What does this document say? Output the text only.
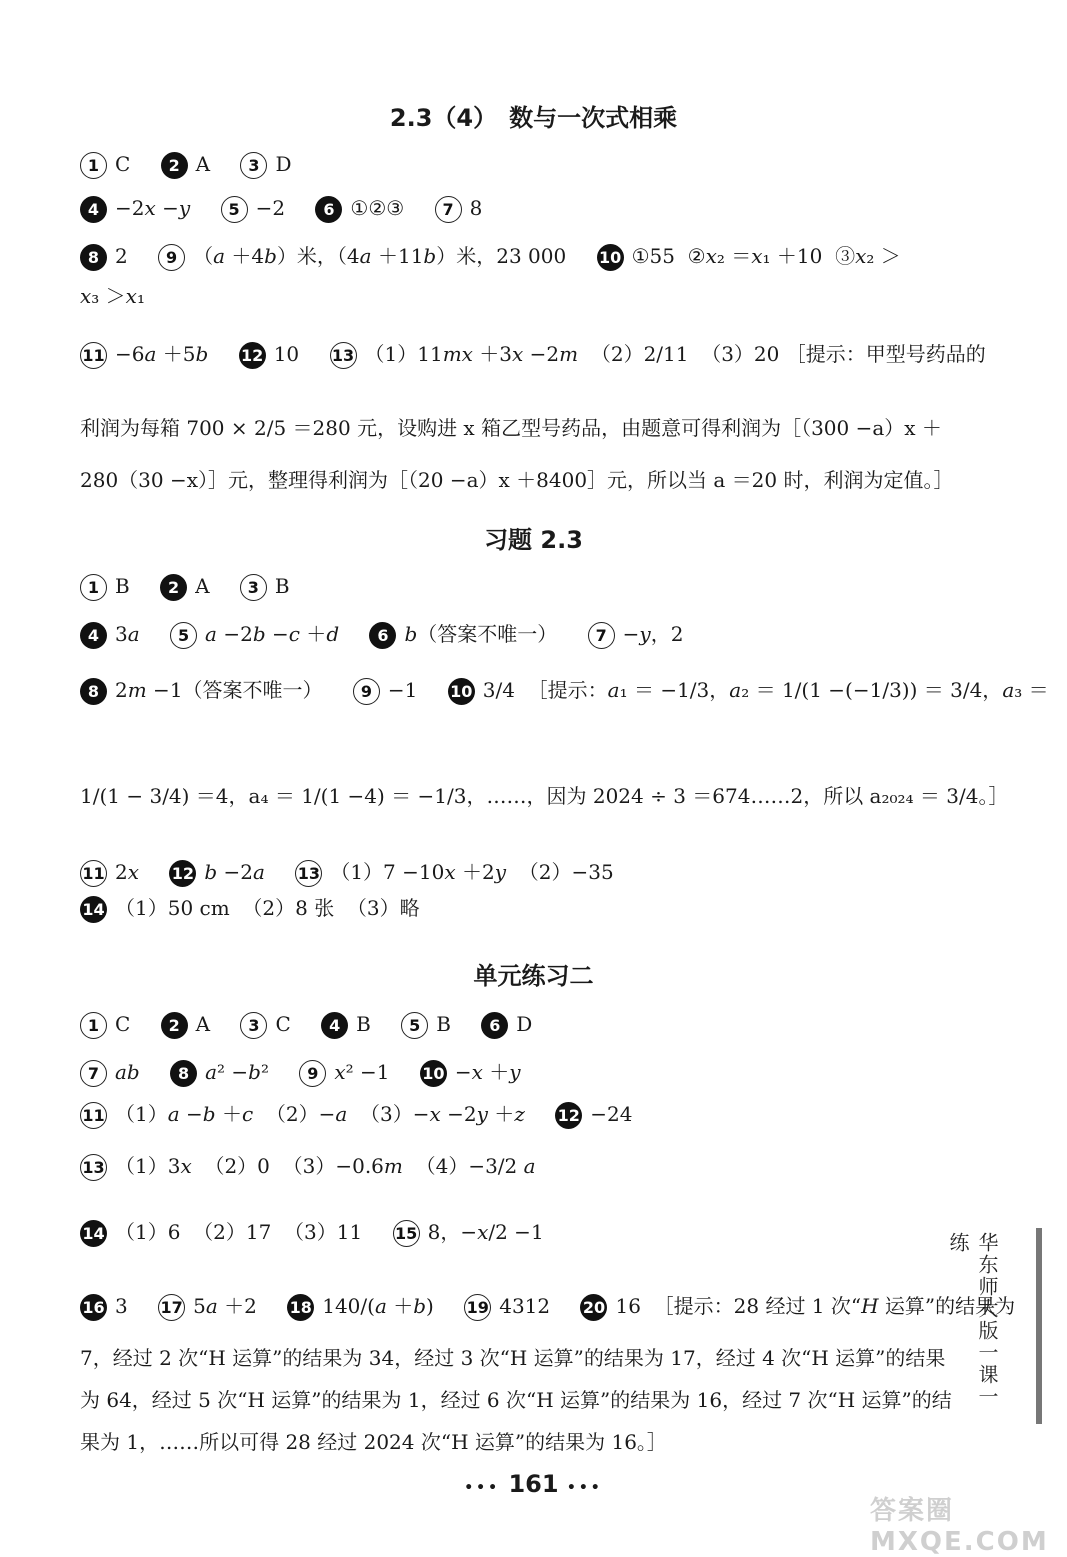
2.3（4）　数与一次式相乘
1 C 2 A 3 D
4 −2x −y 5 −2 6 ①②③ 7 8
8 2 9 （a ＋4b）米，（4a ＋11b）米，23 000 10 ①55  ②x₂ ＝x₁ ＋10  ③x₂ ＞
x₃ ＞x₁
11 −6a ＋5b 12 10 13 （1）11mx ＋3x −2m  （2）2/11  （3）20 ［提示：甲型号药品的
利润为每箱 700 × 2/5 ＝280 元，设购进 x 箱乙型号药品，由题意可得利润为［（300 −a）x ＋
280（30 −x）］元，整理得利润为［（20 −a）x ＋8400］元，所以当 a ＝20 时，利润为定值。］
习题 2.3
1 B 2 A 3 B
4 3a 5 a −2b −c ＋d 6 b（答案不唯一） 7 −y，2
8 2m −1（答案不唯一） 9 −1 10 3/4  ［提示：a₁ ＝ −1/3，a₂ ＝ 1/(1 −(−1/3)) ＝ 3/4，a₃ ＝
1/(1 − 3/4) ＝4，a₄ ＝ 1/(1 −4) ＝ −1/3，……，因为 2024 ÷ 3 ＝674……2，所以 a₂₀₂₄ ＝ 3/4。］
11 2x 12 b −2a 13 （1）7 −10x ＋2y  （2）−35
14 （1）50 cm  （2）8 张  （3）略
单元练习二
1 C 2 A 3 C 4 B 5 B 6 D
7 ab 8 a² −b² 9 x² −1 10 −x ＋y
11 （1）a −b ＋c  （2）−a  （3）−x −2y ＋z 12 −24
13 （1）3x  （2）0  （3）−0.6m  （4）−3/2 a
14 （1）6  （2）17  （3）11 15 8，−x/2 −1
16 3 17 5a ＋2 18 140/(a ＋b) 19 4312 20 16  ［提示：28 经过 1 次“H 运算”的结果为
7，经过 2 次“H 运算”的结果为 34，经过 3 次“H 运算”的结果为 17，经过 4 次“H 运算”的结果
为 64，经过 5 次“H 运算”的结果为 1，经过 6 次“H 运算”的结果为 16，经过 7 次“H 运算”的结
果为 1，……所以可得 28 经过 2024 次“H 运算”的结果为 16。］
华东师大版一课一练
••• 161 •••
答案圈 MXQE.COM
